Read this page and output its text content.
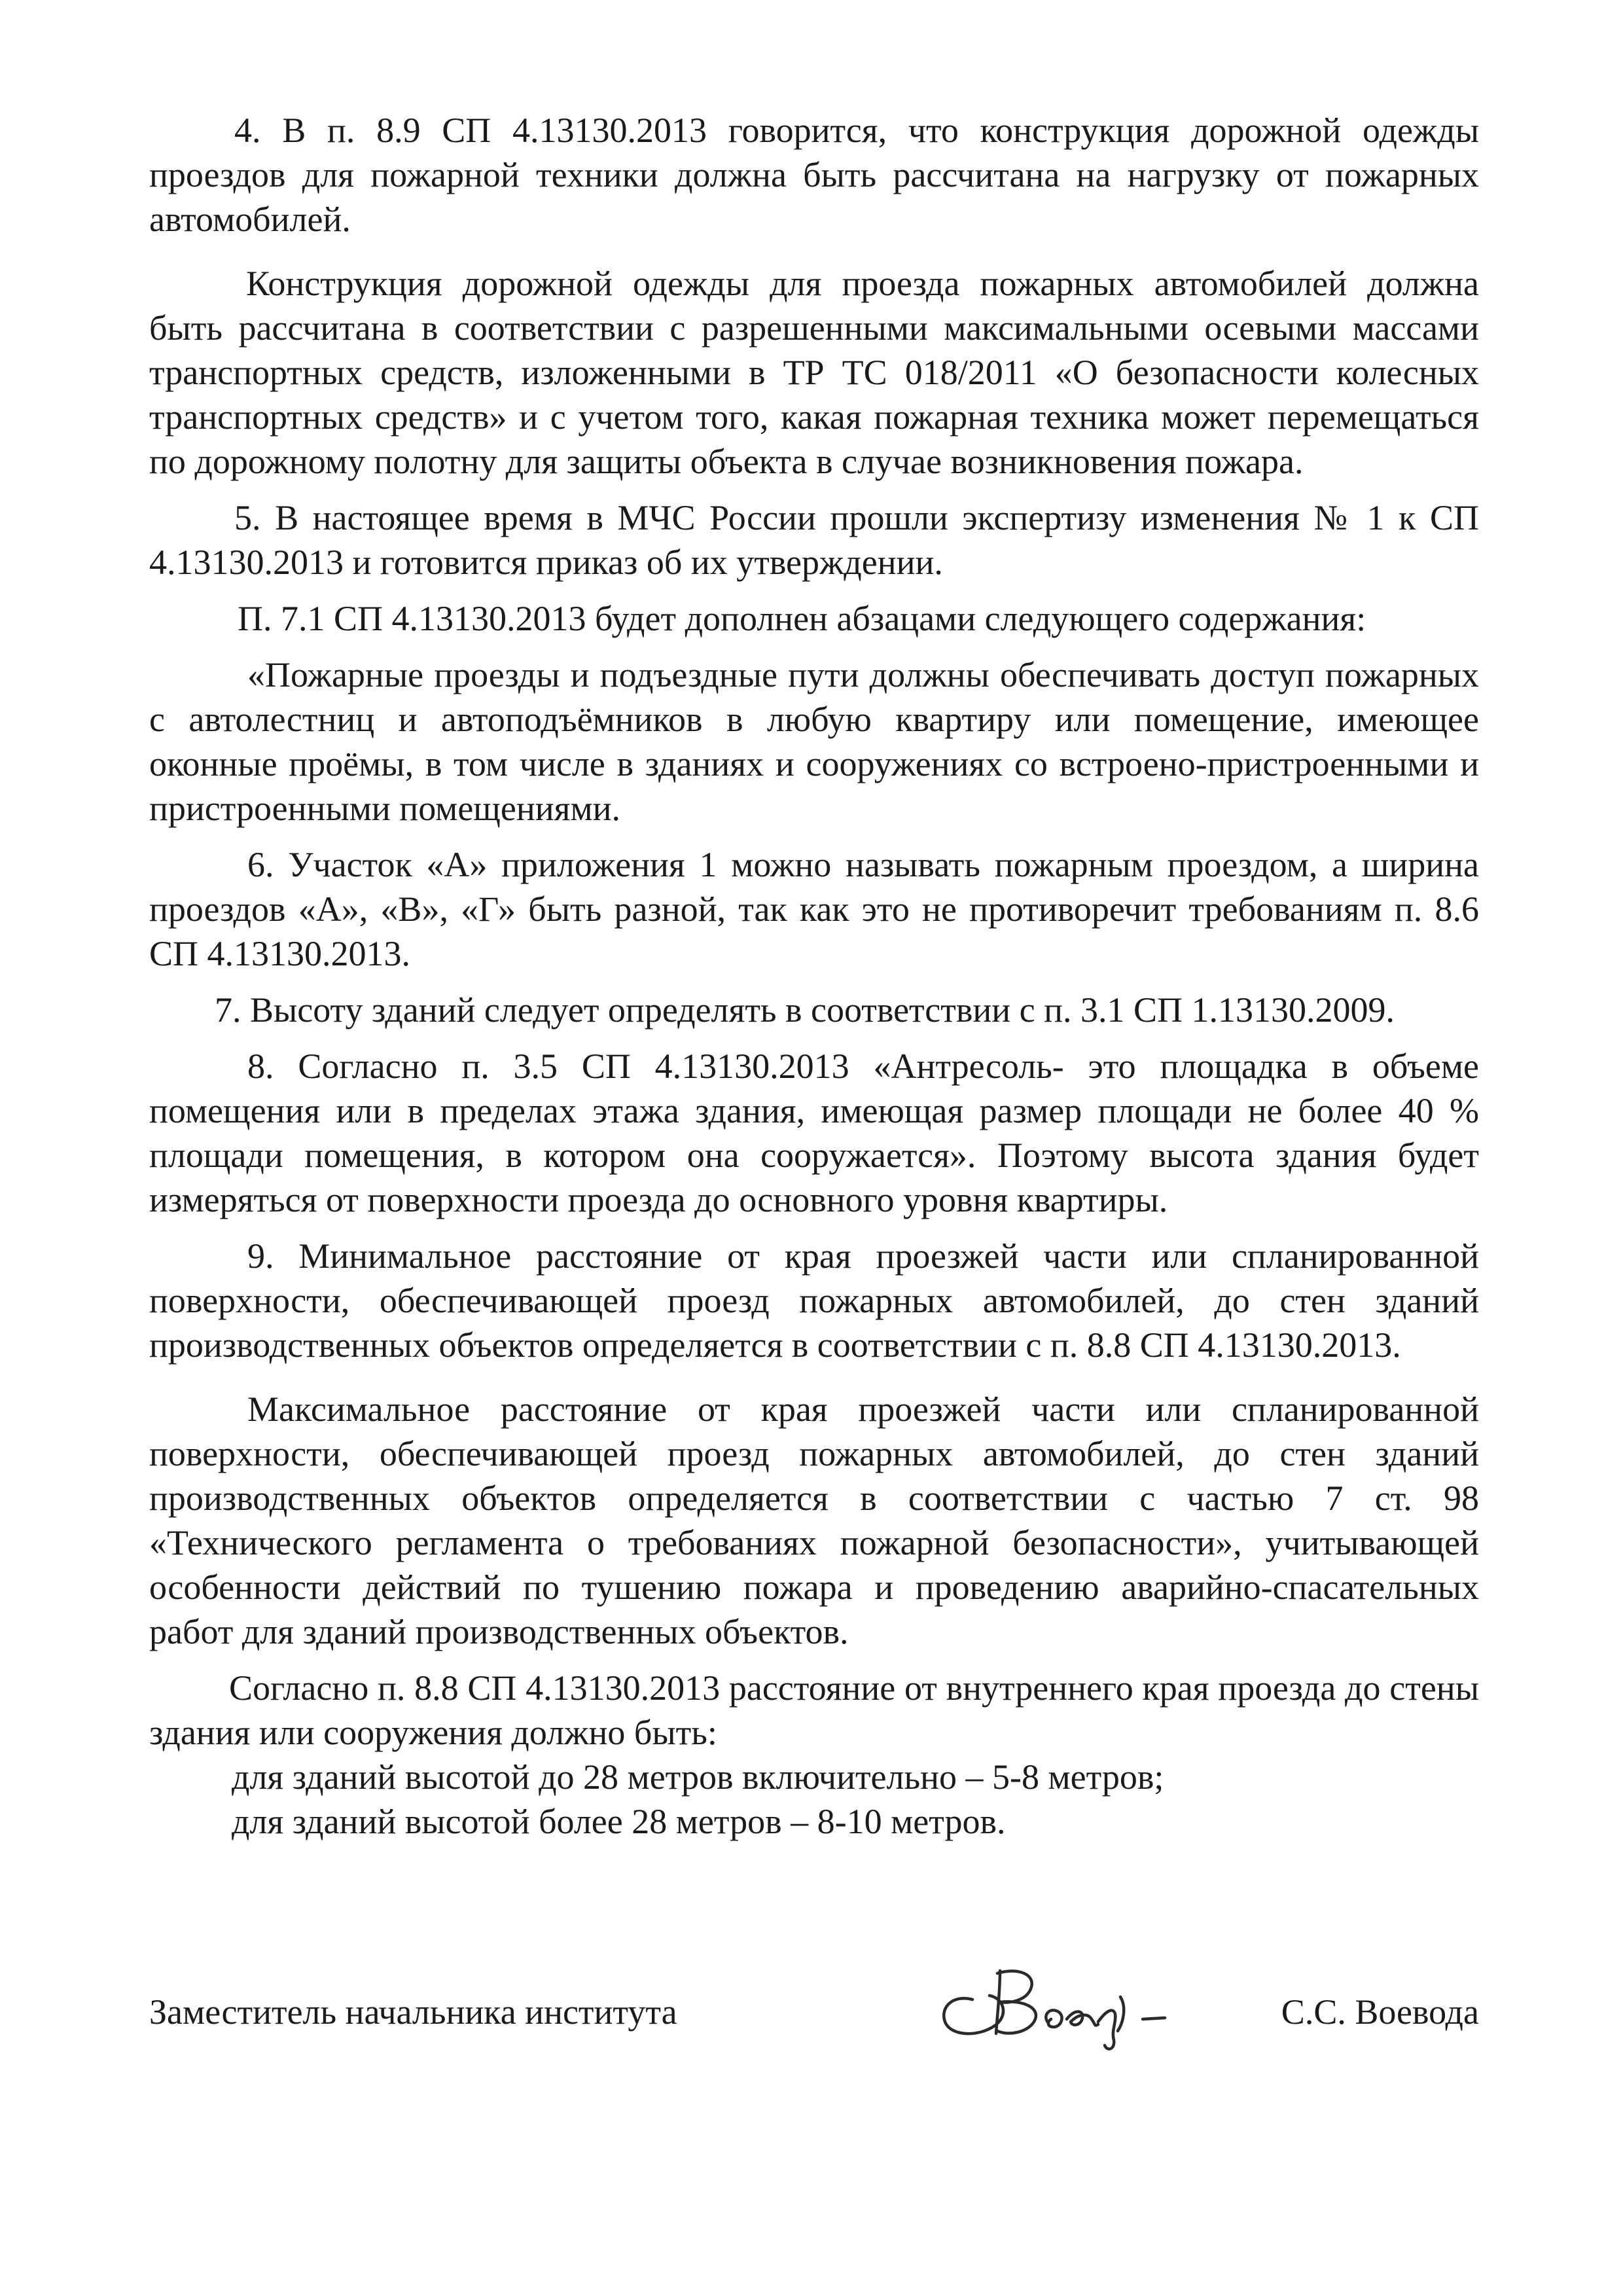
4. В п. 8.9 СП 4.13130.2013 говорится, что конструкция дорожной одежды проездов для пожарной техники должна быть рассчитана на нагрузку от пожарных автомобилей.

Конструкция дорожной одежды для проезда пожарных автомобилей должна быть рассчитана в соответствии с разрешенными максимальными осевыми массами транспортных средств, изложенными в ТР ТС 018/2011 «О безопасности колесных транспортных средств» и с учетом того, какая пожарная техника может перемещаться по дорожному полотну для защиты объекта в случае возникновения пожара.

5. В настоящее время в МЧС России прошли экспертизу изменения № 1 к СП 4.13130.2013 и готовится приказ об их утверждении.

П. 7.1 СП 4.13130.2013 будет дополнен абзацами следующего содержания:

«Пожарные проезды и подъездные пути должны обеспечивать доступ пожарных с автолестниц и автоподъёмников в любую квартиру или помещение, имеющее оконные проёмы, в том числе в зданиях и сооружениях со встроено-пристроенными и пристроенными помещениями.

6. Участок «А» приложения 1 можно называть пожарным проездом, а ширина проездов «А», «В», «Г» быть разной, так как это не противоречит требованиям п. 8.6 СП 4.13130.2013.

7. Высоту зданий следует определять в соответствии с п. 3.1 СП 1.13130.2009.

8. Согласно п. 3.5 СП 4.13130.2013 «Антресоль- это площадка в объеме помещения или в пределах этажа здания, имеющая размер площади не более 40 % площади помещения, в котором она сооружается». Поэтому высота здания будет измеряться от поверхности проезда до основного уровня квартиры.

9. Минимальное расстояние от края проезжей части или спланированной поверхности, обеспечивающей проезд пожарных автомобилей, до стен зданий производственных объектов определяется в соответствии с п. 8.8 СП 4.13130.2013.

Максимальное расстояние от края проезжей части или спланированной поверхности, обеспечивающей проезд пожарных автомобилей, до стен зданий производственных объектов определяется в соответствии с частью 7 ст. 98 «Технического регламента о требованиях пожарной безопасности», учитывающей особенности действий по тушению пожара и проведению аварийно-спасательных работ для зданий производственных объектов.

Согласно п. 8.8 СП 4.13130.2013 расстояние от внутреннего края проезда до стены здания или сооружения должно быть:

для зданий высотой до 28 метров включительно – 5-8 метров;

для зданий высотой более 28 метров – 8-10 метров.

Заместитель начальника института	С.С. Воевода
